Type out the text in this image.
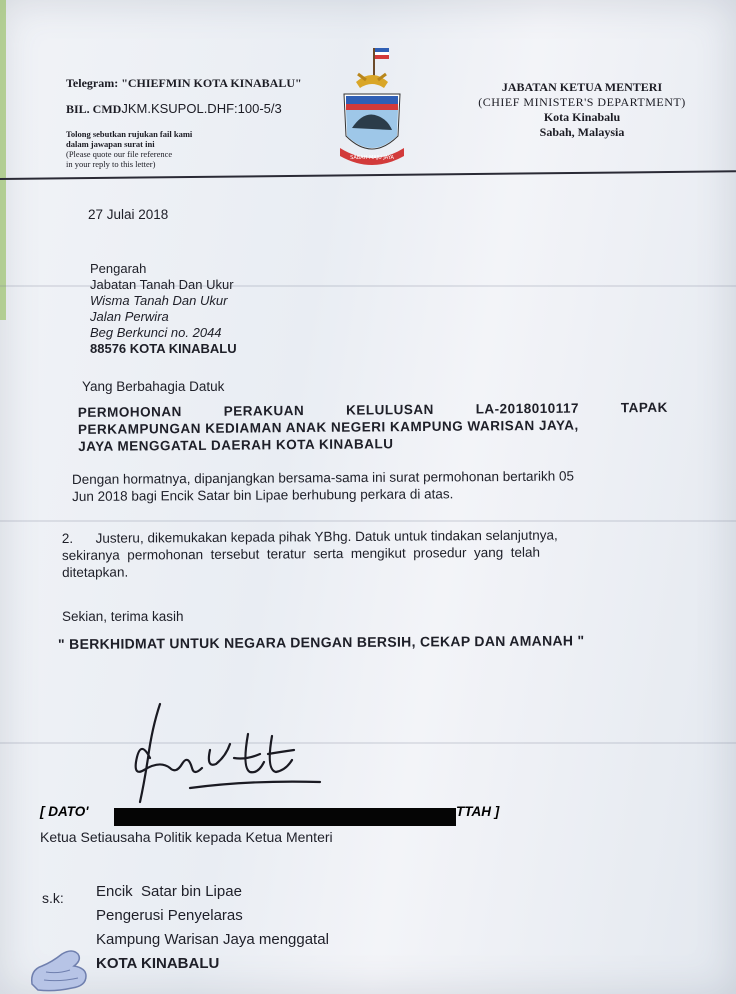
Telegram: "CHIEFMIN KOTA KINABALU"
BIL. CMDJKM.KSUPOL.DHF:100-5/3
Tolong sebutkan rujukan fail kami
dalam jawapan surat ini
(Please quote our file reference
in your reply to this letter)
SABAH MAJU JAYA
JABATAN KETUA MENTERI
(CHIEF MINISTER'S DEPARTMENT)
Kota Kinabalu
Sabah, Malaysia
27 Julai 2018
Pengarah
Jabatan Tanah Dan Ukur
Wisma Tanah Dan Ukur
Jalan Perwira
Beg Berkunci no. 2044
88576 KOTA KINABALU
Yang Berbahagia Datuk
PERMOHONAN	PERAKUAN	KELULUSAN	LA-2018010117	TAPAK
PERKAMPUNGAN KEDIAMAN ANAK NEGERI KAMPUNG WARISAN JAYA,
JAYA MENGGATAL DAERAH KOTA KINABALU
Dengan hormatnya, dipanjangkan bersama-sama ini surat permohonan bertarikh 05
Jun 2018 bagi Encik Satar bin Lipae berhubung perkara di atas.
2.      Justeru, dikemukakan kepada pihak YBhg. Datuk untuk tindakan selanjutnya,
sekiranya  permohonan  tersebut  teratur  serta  mengikut  prosedur  yang  telah
ditetapkan.
Sekian, terima kasih
" BERKHIDMAT UNTUK NEGARA DENGAN BERSIH, CEKAP DAN AMANAH "
[ DATO'	TTAH ]
Ketua Setiausaha Politik kepada Ketua Menteri
s.k: Encik  Satar bin Lipae
Pengerusi Penyelaras
Kampung Warisan Jaya menggatal
KOTA KINABALU
